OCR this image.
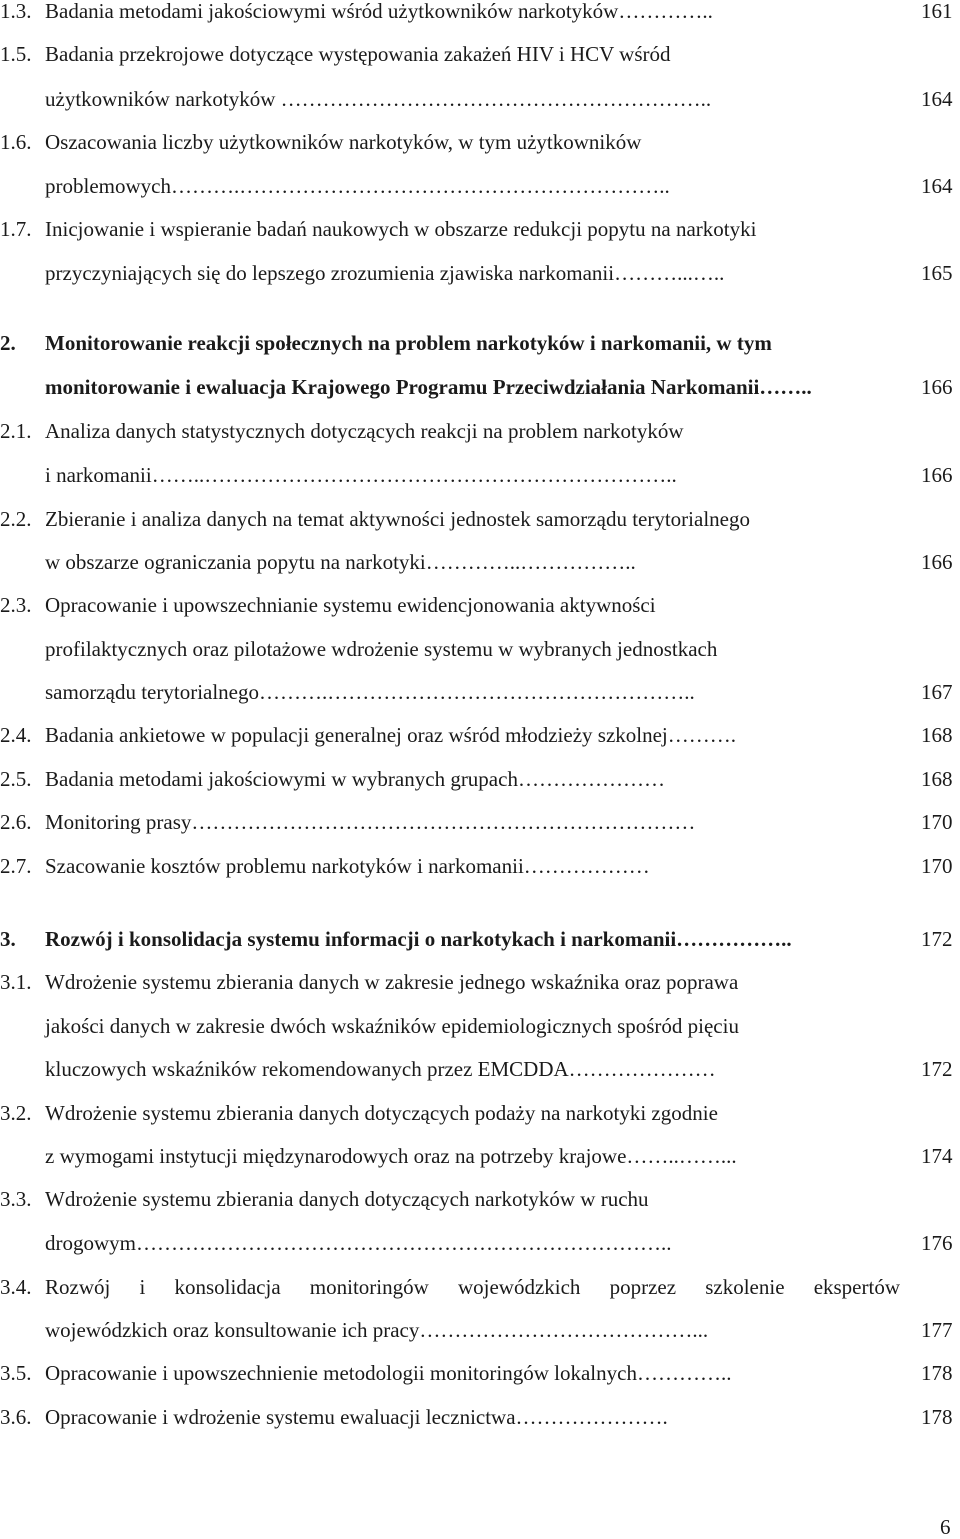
1.3. Badania metodami jakościowymi wśród użytkowników narkotyków…………..	161
1.5. Badania przekrojowe dotyczące występowania zakażeń HIV i HCV wśród
użytkowników narkotyków ……………………………………………………..	164
1.6. Oszacowania liczby użytkowników narkotyków, w tym użytkowników
problemowych……….……………………………………………………..	164
1.7. Inicjowanie i wspieranie badań naukowych w obszarze redukcji popytu na narkotyki
przyczyniających się do lepszego zrozumienia zjawiska narkomanii………...…..	165
2. Monitorowanie reakcji społecznych na problem narkotyków i narkomanii, w tym
monitorowanie i ewaluacja Krajowego Programu Przeciwdziałania Narkomanii……..	166
2.1. Analiza danych statystycznych dotyczących reakcji na problem narkotyków
i narkomanii……..…………………………………………………………..	166
2.2. Zbieranie i analiza danych na temat aktywności jednostek samorządu terytorialnego
w obszarze ograniczania popytu na narkotyki…………..……………..	166
2.3. Opracowanie i upowszechnianie systemu ewidencjonowania aktywności
profilaktycznych oraz pilotażowe wdrożenie systemu w wybranych jednostkach
samorządu terytorialnego……….……………………………………………..	167
2.4. Badania ankietowe w populacji generalnej oraz wśród młodzieży szkolnej……….	168
2.5. Badania metodami jakościowymi w wybranych grupach…………………	168
2.6. Monitoring prasy………………………………………………………………	170
2.7. Szacowanie kosztów problemu narkotyków i narkomanii………………	170
3. Rozwój i konsolidacja systemu informacji o narkotykach i narkomanii……………..	172
3.1. Wdrożenie systemu zbierania danych w zakresie jednego wskaźnika oraz poprawa
jakości danych w zakresie dwóch wskaźników epidemiologicznych spośród pięciu
kluczowych wskaźników rekomendowanych przez EMCDDA…………………	172
3.2. Wdrożenie systemu zbierania danych dotyczących podaży na narkotyki zgodnie
z wymogami instytucji międzynarodowych oraz na potrzeby krajowe……..……...	174
3.3. Wdrożenie systemu zbierania danych dotyczących narkotyków w ruchu
drogowym…………………………………………………………………..	176
3.4. Rozwój i konsolidacja monitoringów wojewódzkich poprzez szkolenie ekspertów
wojewódzkich oraz konsultowanie ich pracy…………………………………...	177
3.5. Opracowanie i upowszechnienie metodologii monitoringów lokalnych…………..	178
3.6. Opracowanie i wdrożenie systemu ewaluacji lecznictwa………………….	178
6
